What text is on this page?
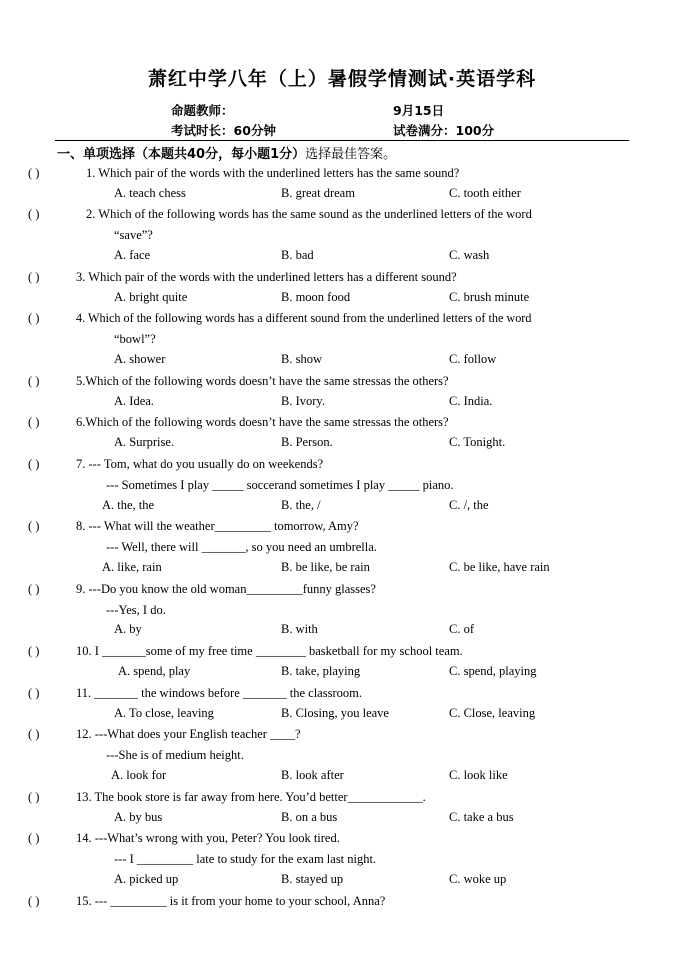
萧红中学八年（上）暑假学情测试·英语学科
命题教师：	9月15日
考试时长：60分钟	试卷满分：100分
一、单项选择（本题共40分，每小题1分）选择最佳答案。
( )	1. Which pair of the words with the underlined letters has the same sound?
A. teach chess	B. great dream	C. tooth either
( )	2. Which of the following words has the same sound as the underlined letters of the word
“save”?
A. face	B. bad	C. wash
( )	3. Which pair of the words with the underlined letters has a different sound?
A. bright quite	B. moon food	C. brush minute
( )	4. Which of the following words has a different sound from the underlined letters of the word
“bowl”?
A. shower	B. show	C. follow
( )	5.Which of the following words doesn’t have the same stressas the others?
A. Idea.	B. Ivory.	C. India.
( )	6.Which of the following words doesn’t have the same stressas the others?
A. Surprise.	B. Person.	C. Tonight.
( )	7. --- Tom, what do you usually do on weekends?
--- Sometimes I play _____ soccerand sometimes I play _____ piano.
A. the, the	B. the, /	C. /, the
( )	8. --- What will the weather_________ tomorrow, Amy?
--- Well, there will _______, so you need an umbrella.
A. like, rain	B. be like, be rain	C. be like, have rain
( )	9. ---Do you know the old woman_________funny glasses?
---Yes, I do.
A. by	B. with	C. of
( )	10. I _______some of my free time ________ basketball for my school team.
A. spend, play	B. take, playing	C. spend, playing
( )	11. _______ the windows before _______ the classroom.
A. To close, leaving	B. Closing, you leave	C. Close, leaving
( )	12. ---What does your English teacher ____?
---She is of medium height.
A. look for	B. look after	C. look like
( )	13. The book store is far away from here. You’d better____________.
A. by bus	B. on a bus	C. take a bus
( )	14. ---What’s wrong with you, Peter? You look tired.
--- I _________ late to study for the exam last night.
A. picked up	B. stayed up	C. woke up
( )	15. --- _________ is it from your home to your school, Anna?
